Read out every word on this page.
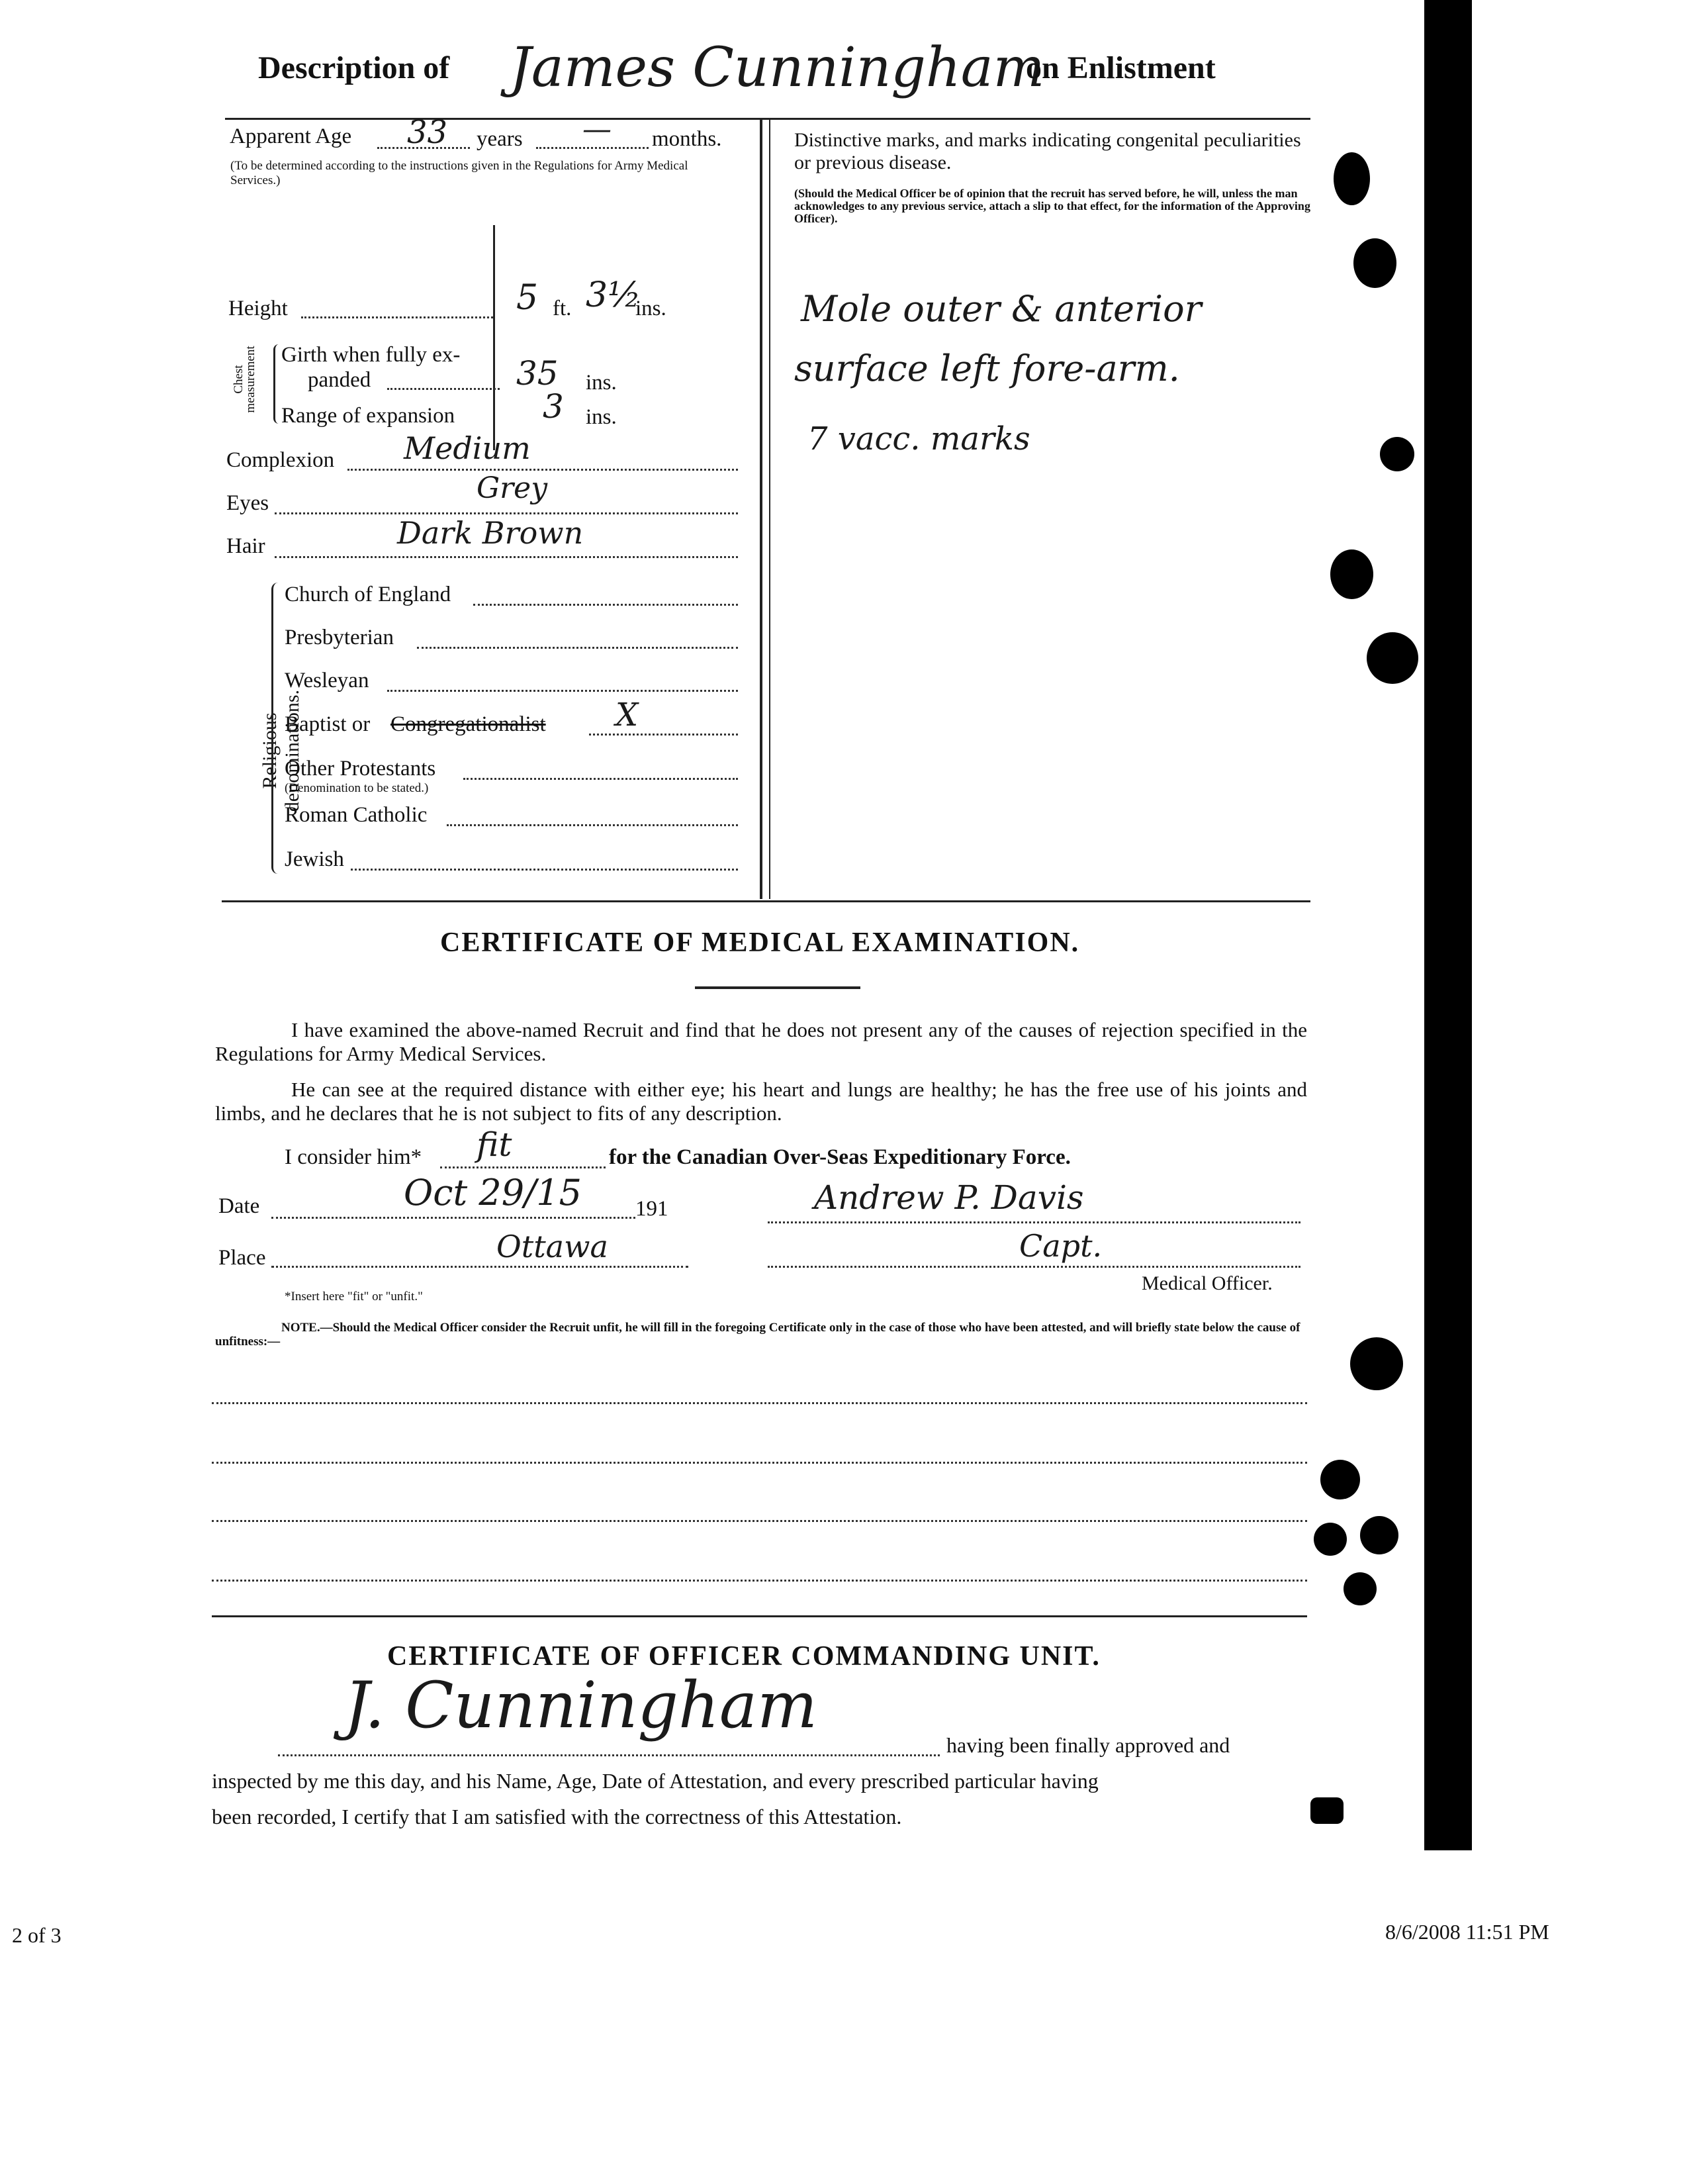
Description of James Cunningham
on Enlistment
Apparent Age 33 years — months.
(To be determined according to the instructions given in the Regulations for Army Medical Services.)
Height	5 ft. 3½
ins.
Chest measurement Girth when fully ex-
panded	35 ins.
Range of expansion	3 ins.
Complexion Medium
Eyes	Grey
Hair	Dark Brown
Religious denominations.
Church of England
Presbyterian
Wesleyan
Baptist or Congregationalist X
Other Protestants
(Denomination to be stated.)
Roman Catholic
Jewish
Distinctive marks, and marks indicating congenital peculiarities or previous disease.
(Should the Medical Officer be of opinion that the recruit has served before, he will, unless the man acknowledges to any previous service, attach a slip to that effect, for the information of the Approving Officer).
Mole outer & anterior
surface left fore-arm.
7 vacc. marks
CERTIFICATE OF MEDICAL EXAMINATION.
I have examined the above-named Recruit and find that he does not present any of the causes of rejection specified in the Regulations for Army Medical Services.
He can see at the required distance with either eye; his heart and lungs are healthy; he has the free use of his joints and limbs, and he declares that he is not subject to fits of any description.
I consider him* fit	for the Canadian Over-Seas Expeditionary Force.
Date	Oct 29/15 191	Andrew P. Davis
Place	Ottawa	Capt.
Medical Officer.
*Insert here "fit" or "unfit."
NOTE.—Should the Medical Officer consider the Recruit unfit, he will fill in the foregoing Certificate only in the case of those who have been attested, and will briefly state below the cause of unfitness:—
CERTIFICATE OF OFFICER COMMANDING UNIT.
J. Cunningham
having been finally approved and
inspected by me this day, and his Name, Age, Date of Attestation, and every prescribed particular having
been recorded, I certify that I am satisfied with the correctness of this Attestation.
2 of 3	8/6/2008 11:51 PM
